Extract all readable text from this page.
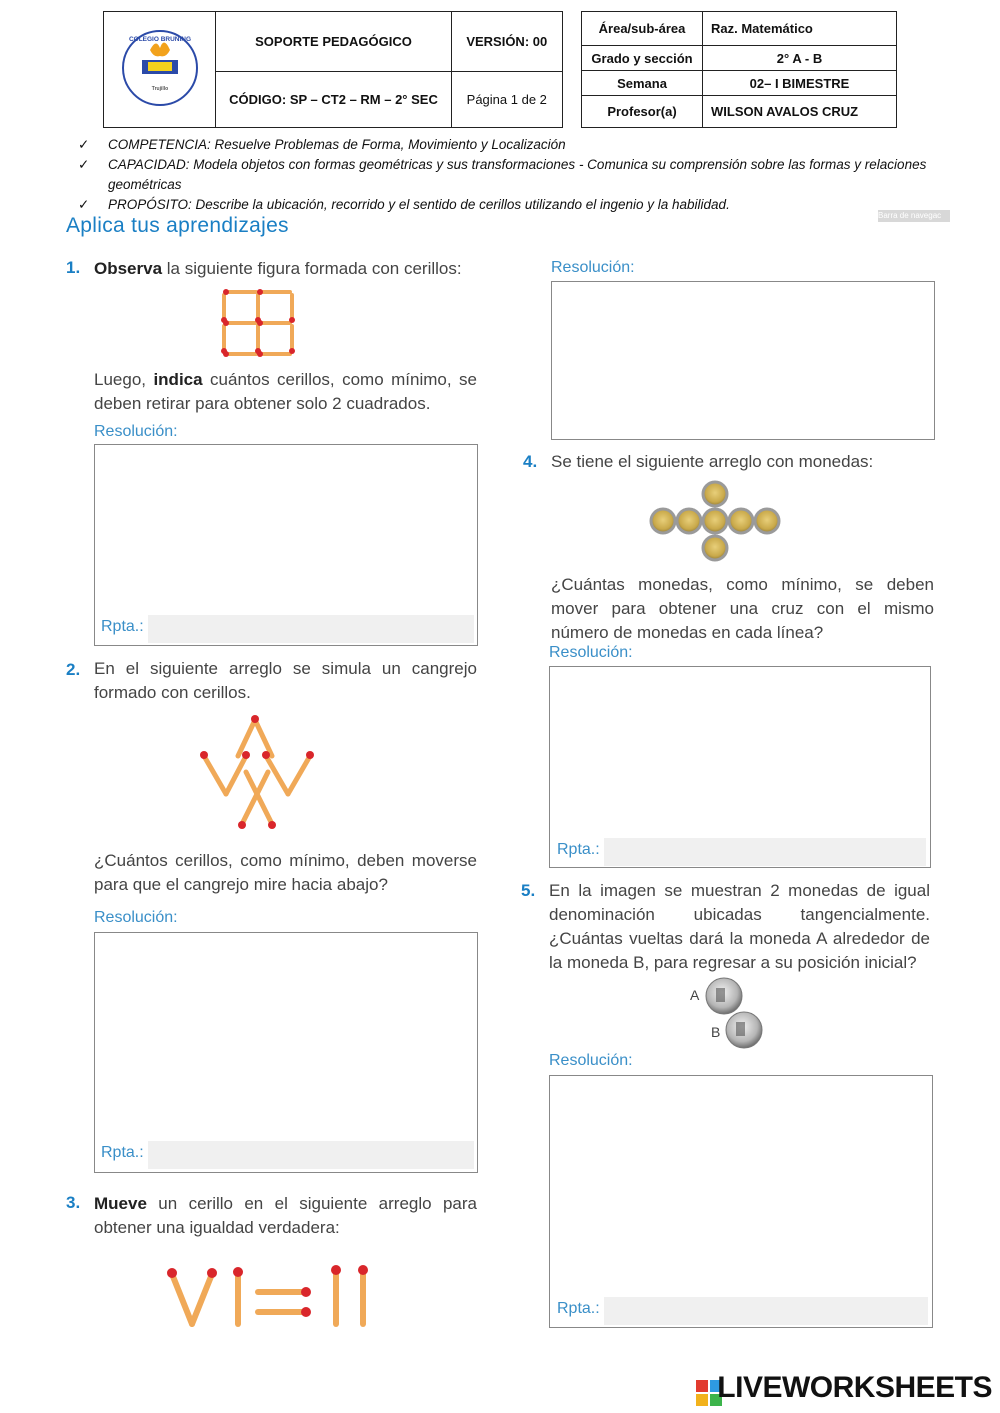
COLEGIO BRUNING
Trujillo	SOPORTE PEDAGÓGICO	VERSIÓN: 00
	CÓDIGO: SP – CT2 – RM – 2° SEC	Página 1 de 2
Área/sub-área	Raz. Matemático
Grado y sección	2° A - B
Semana	02– I BIMESTRE
Profesor(a)	WILSON AVALOS CRUZ
✓ COMPETENCIA: Resuelve Problemas de Forma, Movimiento y Localización
✓ CAPACIDAD: Modela objetos con formas geométricas y sus transformaciones - Comunica su comprensión sobre las formas y relaciones geométricas
✓ PROPÓSITO: Describe la ubicación, recorrido y el sentido de cerillos utilizando el ingenio y la habilidad.
Aplica tus aprendizajes	Barra de navegac
1. Observa la siguiente figura formada con cerillos:
Luego, indica cuántos cerillos, como mínimo, se deben retirar para obtener solo 2 cuadrados.
Resolución:
Rpta.:
2. En el siguiente arreglo se simula un cangrejo formado con cerillos.
¿Cuántos cerillos, como mínimo, deben moverse para que el cangrejo mire hacia abajo?
Resolución:
Rpta.:
3. Mueve un cerillo en el siguiente arreglo para obtener una igualdad verdadera:
Resolución:
4. Se tiene el siguiente arreglo con monedas:
¿Cuántas monedas, como mínimo, se deben mover para obtener una cruz con el mismo número de monedas en cada línea?
Resolución:
Rpta.:
5. En la imagen se muestran 2 monedas de igual denominación ubicadas tangencialmente. ¿Cuántas vueltas dará la moneda A alrededor de la moneda B, para regresar a su posición inicial?
A
B
Resolución:
Rpta.:
LIVEWORKSHEETS
